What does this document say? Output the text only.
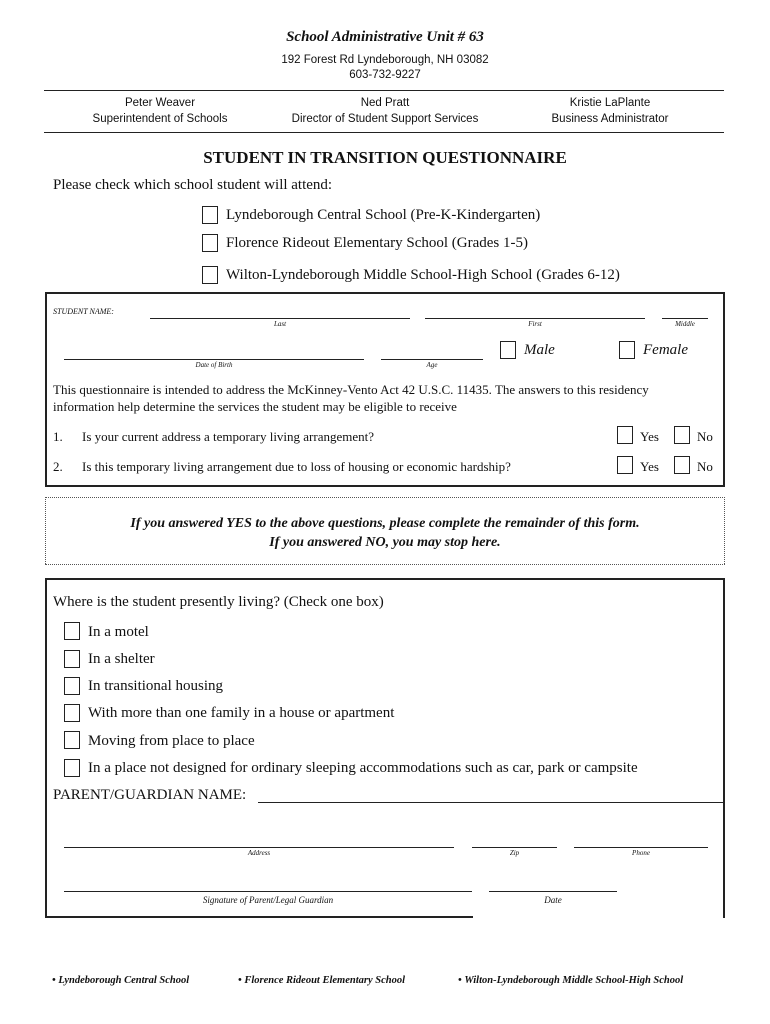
School Administrative Unit # 63
192 Forest Rd Lyndeborough, NH 03082
603-732-9227
Peter Weaver
Superintendent of Schools
Ned Pratt
Director of Student Support Services
Kristie LaPlante
Business Administrator
STUDENT IN TRANSITION QUESTIONNAIRE
Please check which school student will attend:
Lyndeborough Central School (Pre-K-Kindergarten)
Florence Rideout Elementary School (Grades 1-5)
Wilton-Lyndeborough Middle School-High School (Grades 6-12)
STUDENT NAME:
Last	First	Middle
Date of Birth	Age
Male	Female
This questionnaire is intended to address the McKinney-Vento Act 42 U.S.C. 11435. The answers to this residency information help determine the services the student may be eligible to receive
1. Is your current address a temporary living arrangement?	Yes	No
2. Is this temporary living arrangement due to loss of housing or economic hardship?	Yes	No
If you answered YES to the above questions, please complete the remainder of this form.
If you answered NO, you may stop here.
Where is the student presently living? (Check one box)
In a motel
In a shelter
In transitional housing
With more than one family in a house or apartment
Moving from place to place
In a place not designed for ordinary sleeping accommodations such as car, park or campsite
PARENT/GUARDIAN NAME:
Address	Zip	Phone
Signature of Parent/Legal Guardian	Date
• Lyndeborough Central School	• Florence Rideout Elementary School	• Wilton-Lyndeborough Middle School-High School
